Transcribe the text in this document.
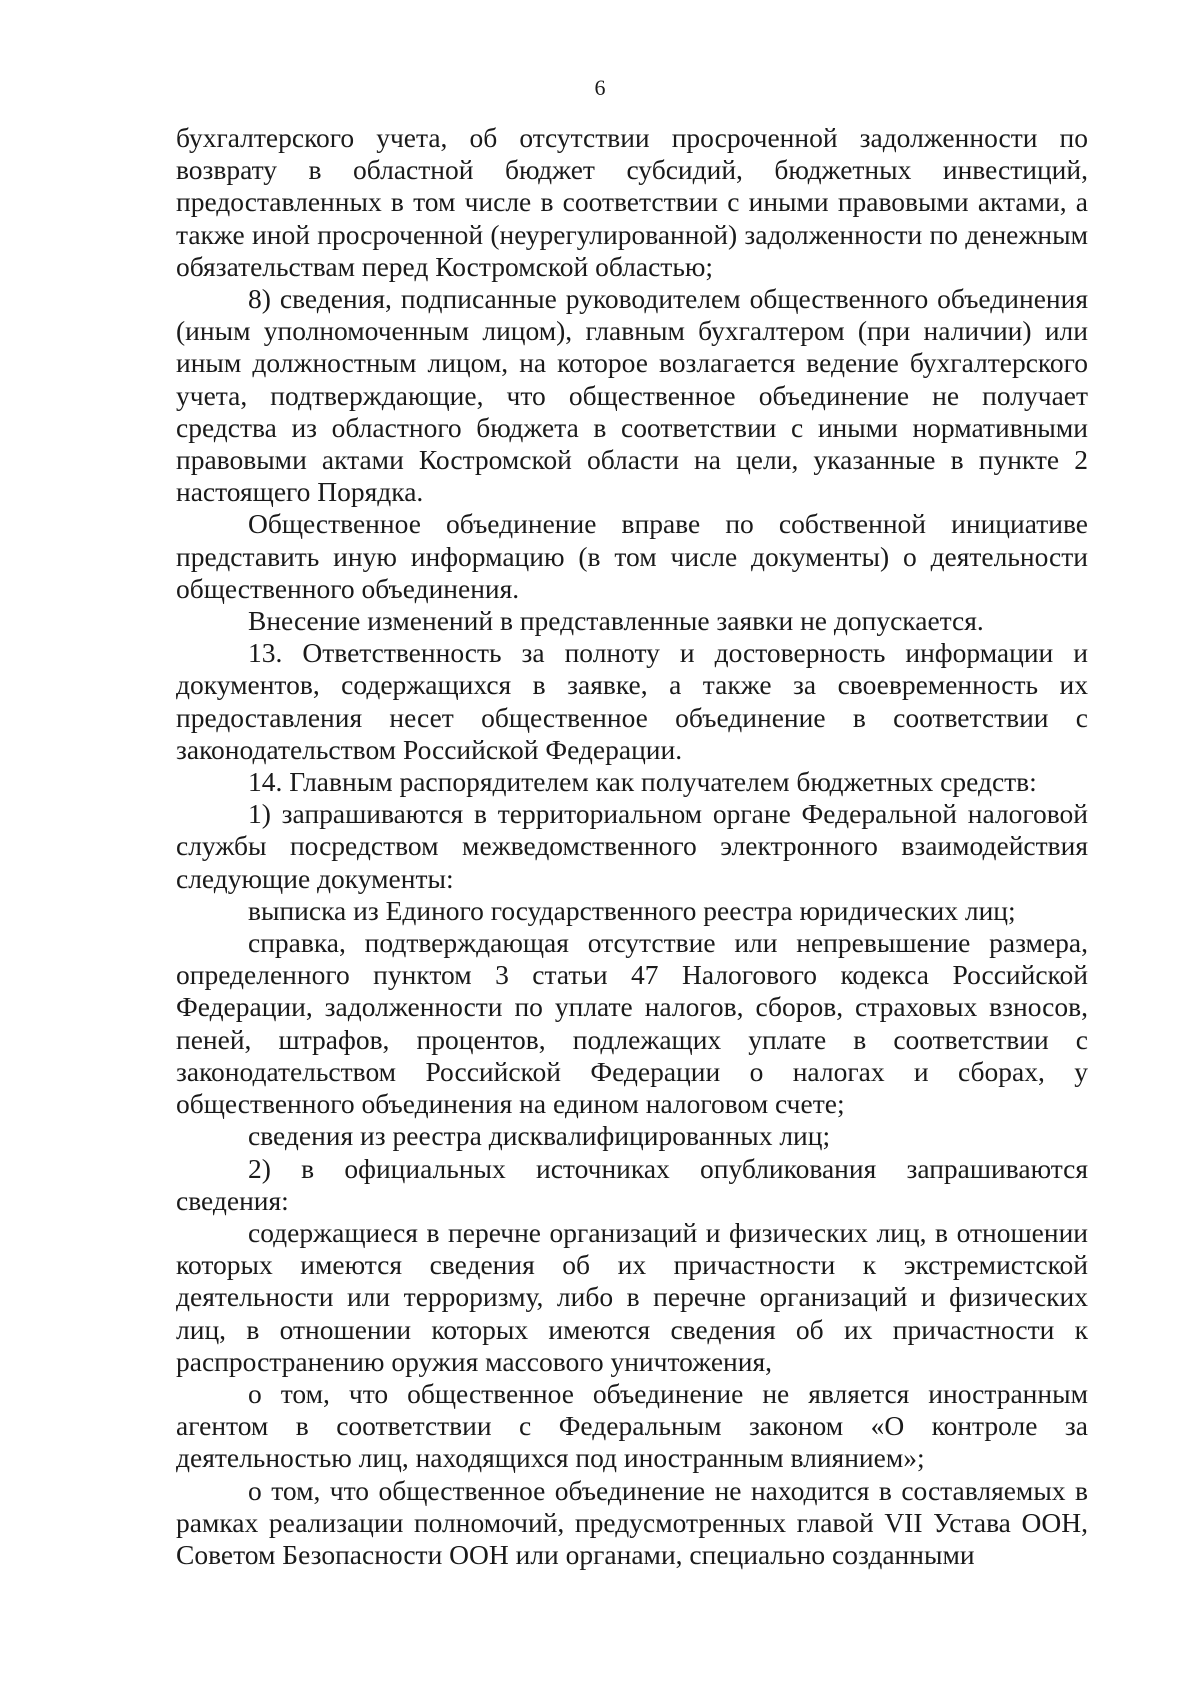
6

бухгалтерского учета, об отсутствии просроченной задолженности по возврату в областной бюджет субсидий, бюджетных инвестиций, предоставленных в том числе в соответствии с иными правовыми актами, а также иной просроченной (неурегулированной) задолженности по денежным обязательствам перед Костромской областью;

8) сведения, подписанные руководителем общественного объединения (иным уполномоченным лицом), главным бухгалтером (при наличии) или иным должностным лицом, на которое возлагается ведение бухгалтерского учета, подтверждающие, что общественное объединение не получает средства из областного бюджета в соответствии с иными нормативными правовыми актами Костромской области на цели, указанные в пункте 2 настоящего Порядка.

Общественное объединение вправе по собственной инициативе представить иную информацию (в том числе документы) о деятельности общественного объединения.

Внесение изменений в представленные заявки не допускается.

13. Ответственность за полноту и достоверность информации и документов, содержащихся в заявке, а также за своевременность их предоставления несет общественное объединение в соответствии с законодательством Российской Федерации.

14. Главным распорядителем как получателем бюджетных средств:

1) запрашиваются в территориальном органе Федеральной налоговой службы посредством межведомственного электронного взаимодействия следующие документы:

выписка из Единого государственного реестра юридических лиц;

справка, подтверждающая отсутствие или непревышение размера, определенного пунктом 3 статьи 47 Налогового кодекса Российской Федерации, задолженности по уплате налогов, сборов, страховых взносов, пеней, штрафов, процентов, подлежащих уплате в соответствии с законодательством Российской Федерации о налогах и сборах, у общественного объединения на едином налоговом счете;

сведения из реестра дисквалифицированных лиц;

2) в официальных источниках опубликования запрашиваются сведения:

содержащиеся в перечне организаций и физических лиц, в отношении которых имеются сведения об их причастности к экстремистской деятельности или терроризму, либо в перечне организаций и физических лиц, в отношении которых имеются сведения об их причастности к распространению оружия массового уничтожения,

о том, что общественное объединение не является иностранным агентом в соответствии с Федеральным законом «О контроле за деятельностью лиц, находящихся под иностранным влиянием»;

о том, что общественное объединение не находится в составляемых в рамках реализации полномочий, предусмотренных главой VII Устава ООН, Советом Безопасности ООН или органами, специально созданными
